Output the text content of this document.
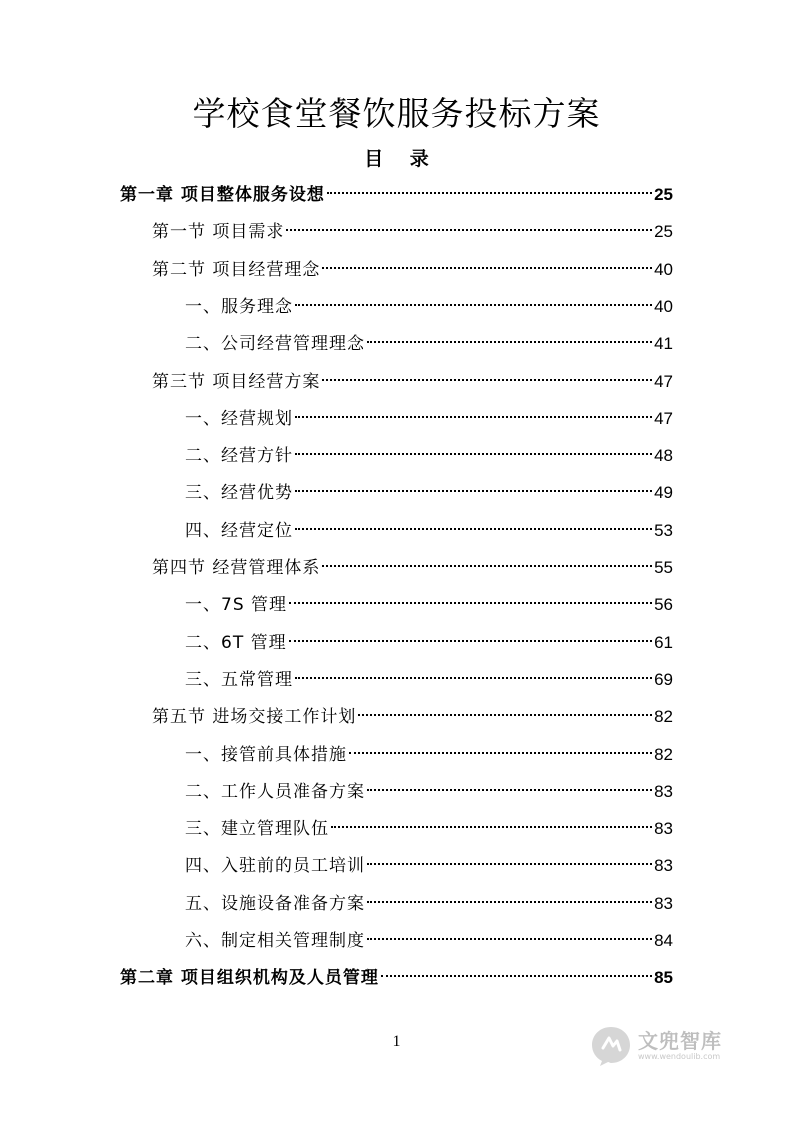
学校食堂餐饮服务投标方案
目 录
第一章 项目整体服务设想	25
第一节 项目需求	25
第二节 项目经营理念	40
一、服务理念	40
二、公司经营管理理念	41
第三节 项目经营方案	47
一、经营规划	47
二、经营方针	48
三、经营优势	49
四、经营定位	53
第四节 经营管理体系	55
一、7S 管理	56
二、6T 管理	61
三、五常管理	69
第五节 进场交接工作计划	82
一、接管前具体措施	82
二、工作人员准备方案	83
三、建立管理队伍	83
四、入驻前的员工培训	83
五、设施设备准备方案	83
六、制定相关管理制度	84
第二章 项目组织机构及人员管理	85
1	文兜智库
www.wendoulib.com
